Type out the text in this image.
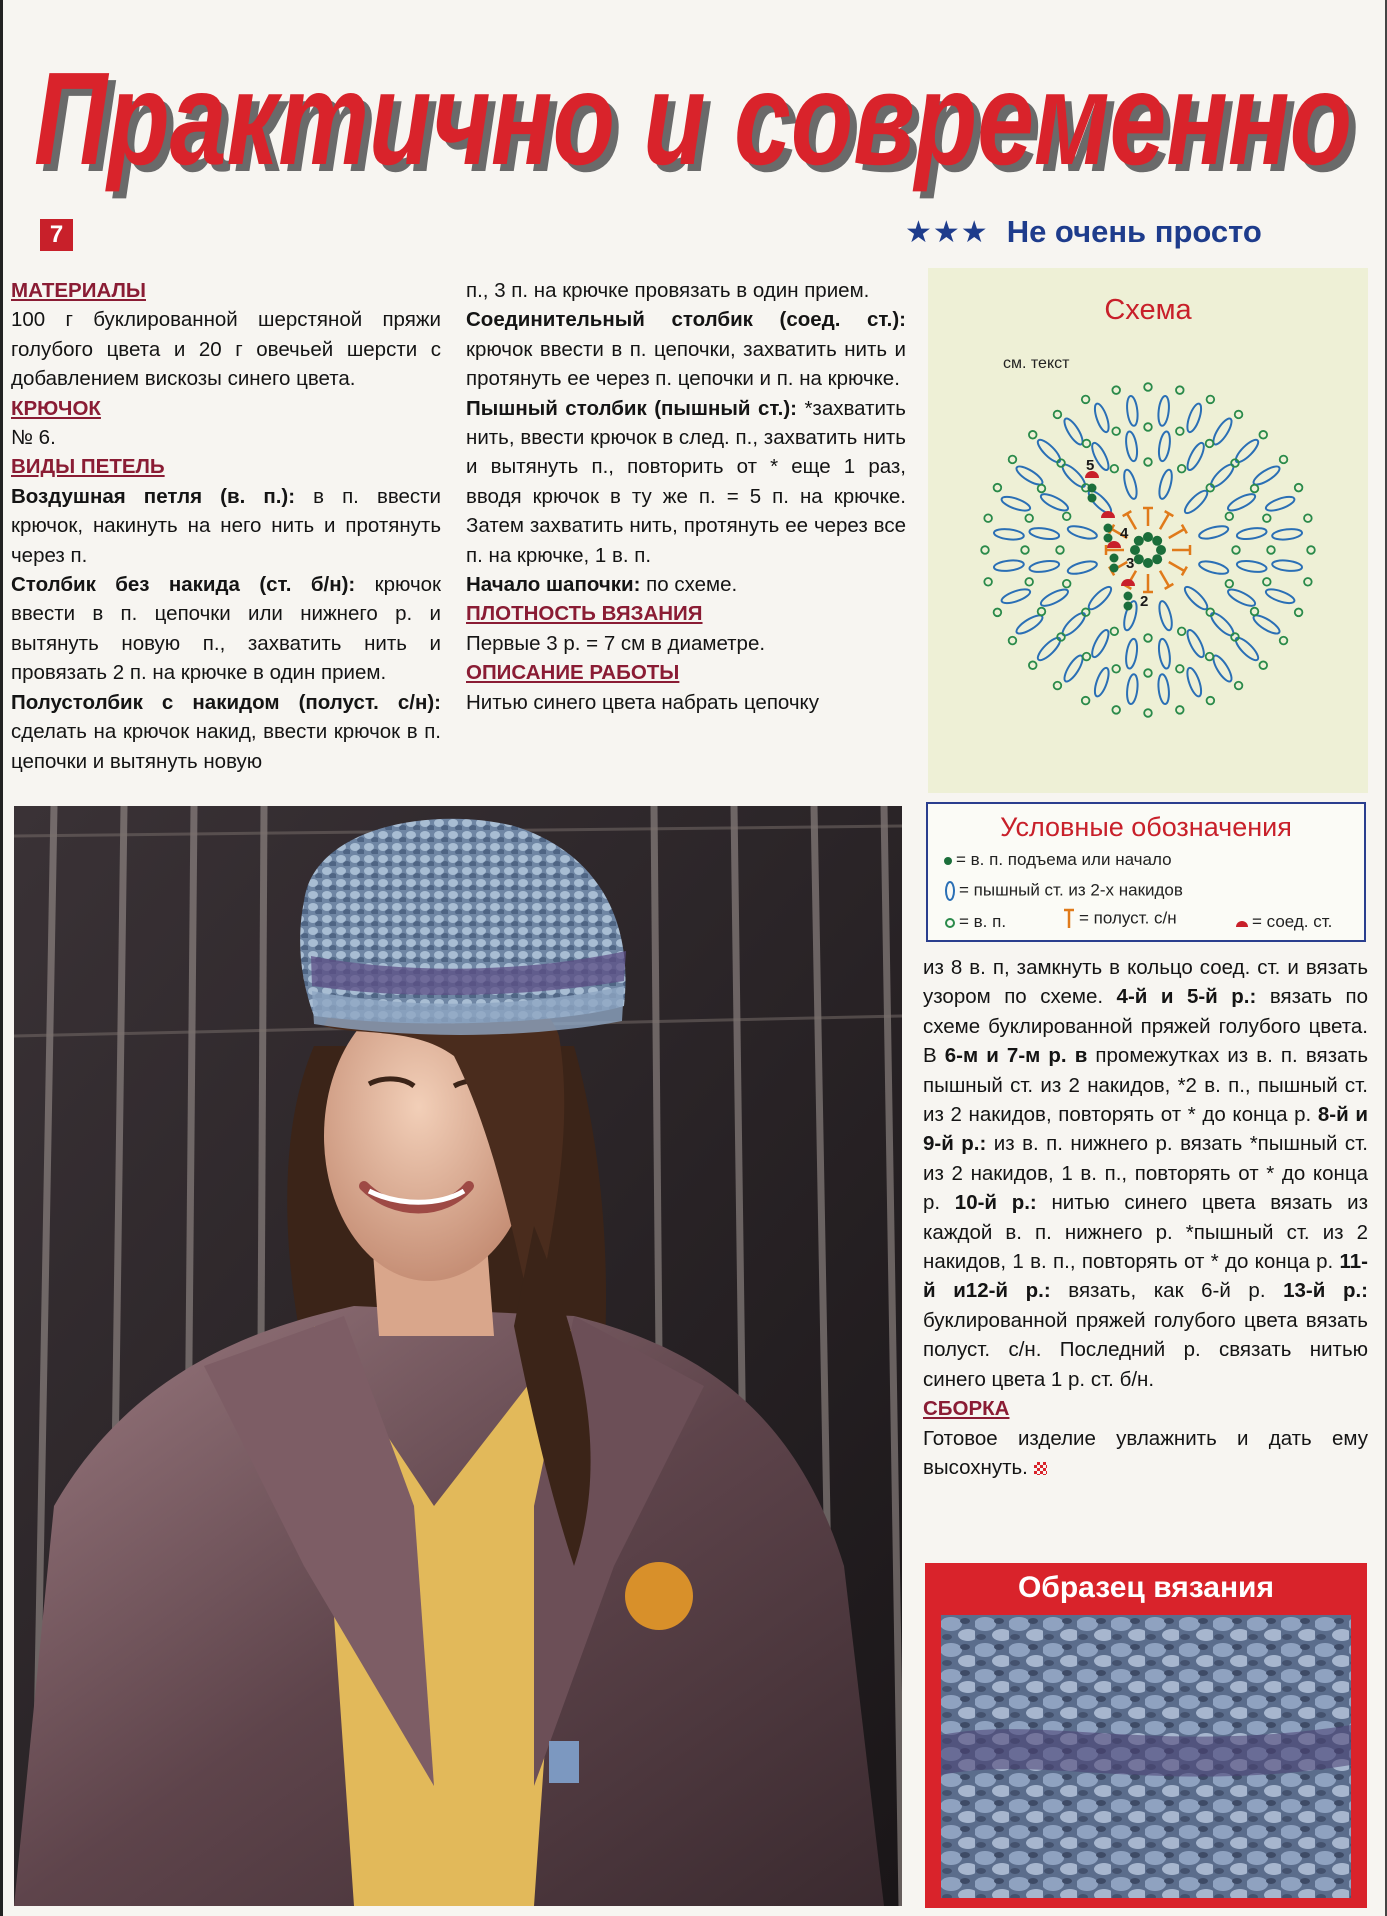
Практично и современно
Практично и современно
7	★★★ Не очень просто

МАТЕРИАЛЫ

100 г буклированной шерстяной пряжи голубого цвета и 20 г овечьей шерсти с добавлением вискозы синего цвета.

КРЮЧОК

№ 6.

ВИДЫ ПЕТЕЛЬ

Воздушная петля (в. п.): в п. ввести крючок, накинуть на него нить и протянуть через п.

Столбик без накида (ст. б/н): крючок ввести в п. цепочки или нижнего р. и вытянуть новую п., захватить нить и провязать 2 п. на крючке в один прием.

Полустолбик с накидом (полуст. с/н): сделать на крючок накид, ввести крючок в п. цепочки и вытянуть новую

п., 3 п. на крючке провязать в один прием.

Соединительный столбик (соед. ст.): крючок ввести в п. цепочки, захватить нить и протянуть ее через п. цепочки и п. на крючке.

Пышный столбик (пышный ст.): *захватить нить, ввести крючок в след. п., захватить нить и вытянуть п., повторить от * еще 1 раз, вводя крючок в ту же п. = 5 п. на крючке. Затем захватить нить, протянуть ее через все п. на крючке, 1 в. п.

Начало шапочки: по схеме.

ПЛОТНОСТЬ ВЯЗАНИЯ

Первые 3 р. = 7 см в диаметре.

ОПИСАНИЕ РАБОТЫ

Нитью синего цвета набрать цепочку

Схема
см. текст
5
4
3
2
Условные обозначения
= в. п. подъема или начало
= пышный ст. из 2-х накидов
= в. п.	= полуст. с/н	= соед. ст.

из 8 в. п, замкнуть в кольцо соед. ст. и вязать узором по схеме. 4-й и 5-й р.: вязать по схеме буклированной пряжей голубого цвета. В 6-м и 7-м р. в промежутках из в. п. вязать пышный ст. из 2 накидов, *2 в. п., пышный ст. из 2 накидов, повторять от * до конца р. 8-й и 9-й р.: из в. п. нижнего р. вязать *пышный ст. из 2 накидов, 1 в. п., повторять от * до конца р. 10-й р.: нитью синего цвета вязать из каждой в. п. нижнего р. *пышный ст. из 2 накидов, 1 в. п., повторять от * до конца р. 11-й и12-й р.: вязать, как 6-й р. 13-й р.: буклированной пряжей голубого цвета вязать полуст. с/н. Последний р. связать нитью синего цвета 1 р. ст. б/н.

СБОРКА

Готовое изделие увлажнить и дать ему высохнуть.

Образец вязания
